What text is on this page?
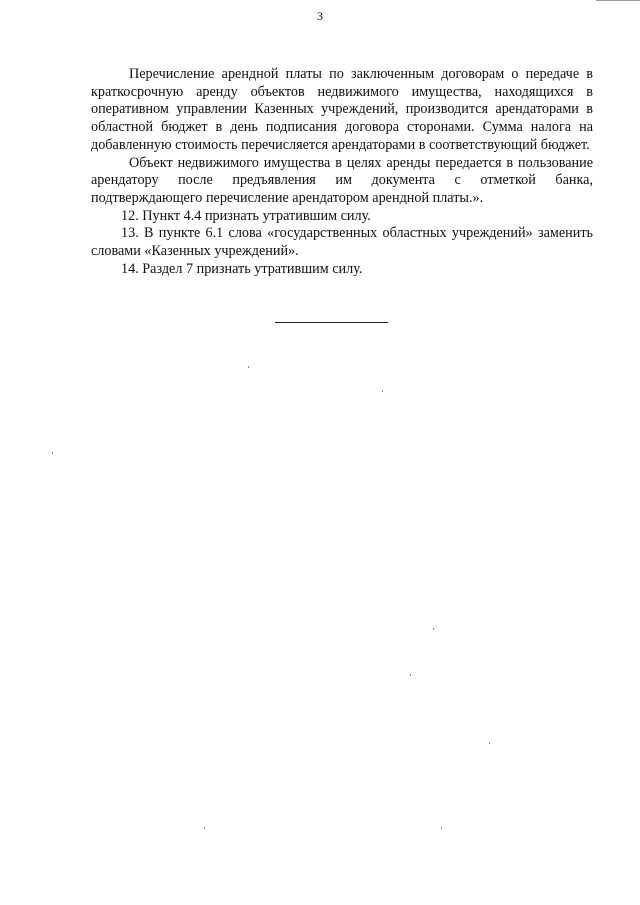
3

Перечисление арендной платы по заключенным договорам о передаче в краткосрочную аренду объектов недвижимого имущества, находящихся в оперативном управлении Казенных учреждений, производится арендаторами в областной бюджет в день подписания договора сторонами. Сумма налога на добавленную стоимость перечисляется арендаторами в соответствующий бюджет.

Объект недвижимого имущества в целях аренды передается в пользование арендатору после предъявления им документа с отметкой банка, подтверждающего перечисление арендатором арендной платы.».

12. Пункт 4.4 признать утратившим силу.

13. В пункте 6.1 слова «государственных областных учреждений» заменить словами «Казенных учреждений».

14. Раздел 7 признать утратившим силу.
